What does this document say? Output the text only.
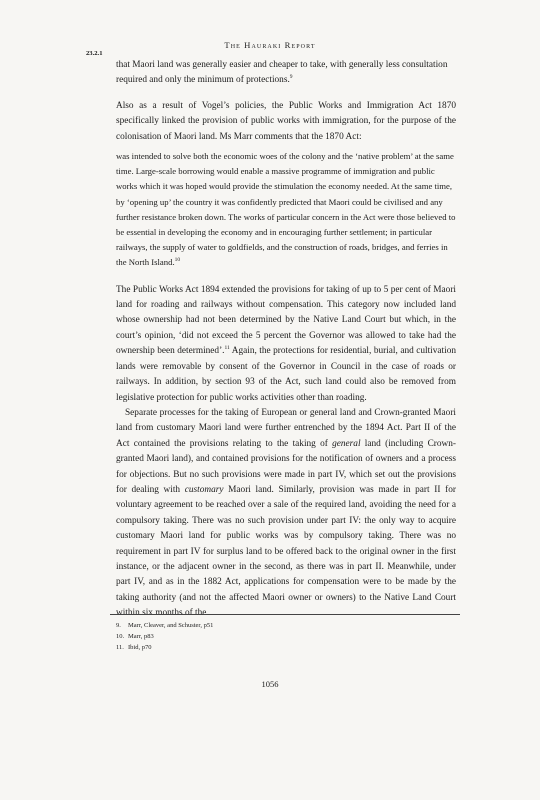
The Hauraki Report
23.2.1

that Maori land was generally easier and cheaper to take, with generally less consultation required and only the minimum of protections.$^9$

Also as a result of Vogel’s policies, the Public Works and Immigration Act 1870 specifically linked the provision of public works with immigration, for the purpose of the colonisation of Maori land. Ms Marr comments that the 1870 Act:

was intended to solve both the economic woes of the colony and the ‘native problem’ at the same time. Large-scale borrowing would enable a massive programme of immigration and public works which it was hoped would provide the stimulation the economy needed. At the same time, by ‘opening up’ the country it was confidently predicted that Maori could be civilised and any further resistance broken down. The works of particular concern in the Act were those believed to be essential in developing the economy and in encouraging further settlement; in particular railways, the supply of water to goldfields, and the construction of roads, bridges, and ferries in the North Island.$^{10}$

The Public Works Act 1894 extended the provisions for taking of up to 5 per cent of Maori land for roading and railways without compensation. This category now included land whose ownership had not been determined by the Native Land Court but which, in the court’s opinion, ‘did not exceed the 5 percent the Governor was allowed to take had the ownership been determined’.$^{11}$ Again, the protections for residential, burial, and cultivation lands were removable by consent of the Governor in Council in the case of roads or railways. In addition, by section 93 of the Act, such land could also be removed from legislative protection for public works activities other than roading.

Separate processes for the taking of European or general land and Crown-granted Maori land from customary Maori land were further entrenched by the 1894 Act. Part II of the Act contained the provisions relating to the taking of general land (including Crown-granted Maori land), and contained provisions for the notification of owners and a process for objections. But no such provisions were made in part IV, which set out the provisions for dealing with customary Maori land. Similarly, provision was made in part II for voluntary agreement to be reached over a sale of the required land, avoiding the need for a compulsory taking. There was no such provision under part IV: the only way to acquire customary Maori land for public works was by compulsory taking. There was no requirement in part IV for surplus land to be offered back to the original owner in the first instance, or the adjacent owner in the second, as there was in part II. Meanwhile, under part IV, and as in the 1882 Act, applications for compensation were to be made by the taking authority (and not the affected Maori owner or owners) to the Native Land Court within six months of the

9. Marr, Cleaver, and Schuster, p51
10. Marr, p83
11. Ibid, p70
1056
